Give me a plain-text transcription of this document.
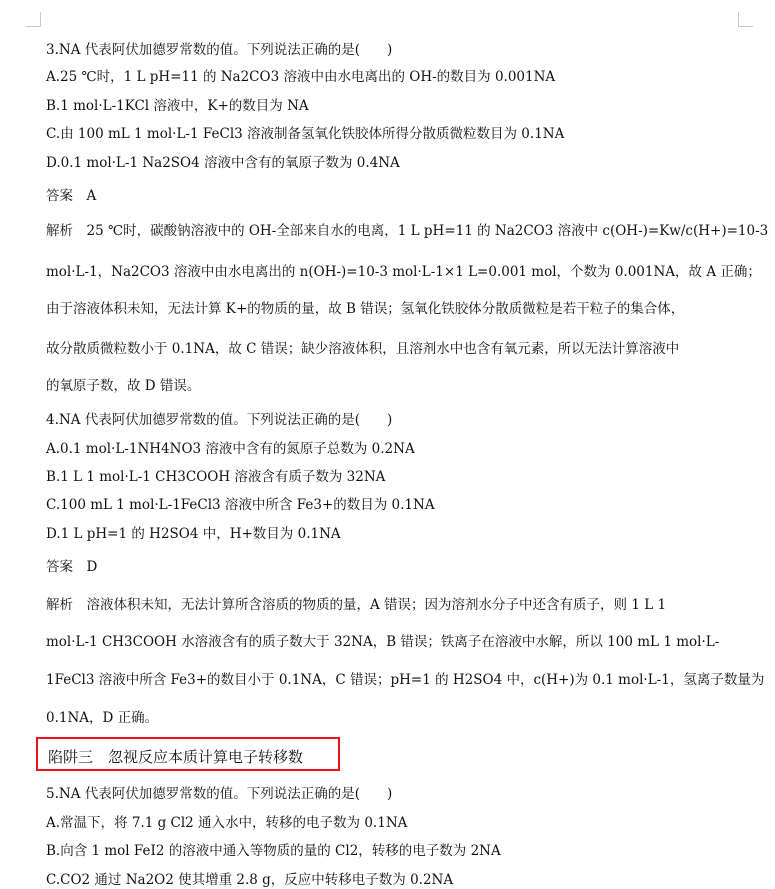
3.NA 代表阿伏加德罗常数的值。下列说法正确的是(　　)
A.25 ℃时，1 L pH=11 的 Na2CO3 溶液中由水电离出的 OH-的数目为 0.001NA
B.1 mol·L-1KCl 溶液中，K+的数目为 NA
C.由 100 mL 1 mol·L-1 FeCl3 溶液制备氢氧化铁胶体所得分散质微粒数目为 0.1NA
D.0.1 mol·L-1 Na2SO4 溶液中含有的氧原子数为 0.4NA
答案　A
解析　25 ℃时，碳酸钠溶液中的 OH-全部来自水的电离，1 L pH=11 的 Na2CO3 溶液中 c(OH-)=Kw/c(H+)=10-3
mol·L-1，Na2CO3 溶液中由水电离出的 n(OH-)=10-3 mol·L-1×1 L=0.001 mol，个数为 0.001NA，故 A 正确；
由于溶液体积未知，无法计算 K+的物质的量，故 B 错误；氢氧化铁胶体分散质微粒是若干粒子的集合体，
故分散质微粒数小于 0.1NA，故 C 错误；缺少溶液体积，且溶剂水中也含有氧元素，所以无法计算溶液中
的氧原子数，故 D 错误。
4.NA 代表阿伏加德罗常数的值。下列说法正确的是(　　)
A.0.1 mol·L-1NH4NO3 溶液中含有的氮原子总数为 0.2NA
B.1 L 1 mol·L-1 CH3COOH 溶液含有质子数为 32NA
C.100 mL 1 mol·L-1FeCl3 溶液中所含 Fe3+的数目为 0.1NA
D.1 L pH=1 的 H2SO4 中，H+数目为 0.1NA
答案　D
解析　溶液体积未知，无法计算所含溶质的物质的量，A 错误；因为溶剂水分子中还含有质子，则 1 L 1
mol·L-1 CH3COOH 水溶液含有的质子数大于 32NA，B 错误；铁离子在溶液中水解，所以 100 mL 1 mol·L-
1FeCl3 溶液中所含 Fe3+的数目小于 0.1NA，C 错误；pH=1 的 H2SO4 中，c(H+)为 0.1 mol·L-1，氢离子数量为
0.1NA，D 正确。
陷阱三　忽视反应本质计算电子转移数
5.NA 代表阿伏加德罗常数的值。下列说法正确的是(　　)
A.常温下，将 7.1 g Cl2 通入水中，转移的电子数为 0.1NA
B.向含 1 mol FeI2 的溶液中通入等物质的量的 Cl2，转移的电子数为 2NA
C.CO2 通过 Na2O2 使其增重 2.8 g，反应中转移电子数为 0.2NA
